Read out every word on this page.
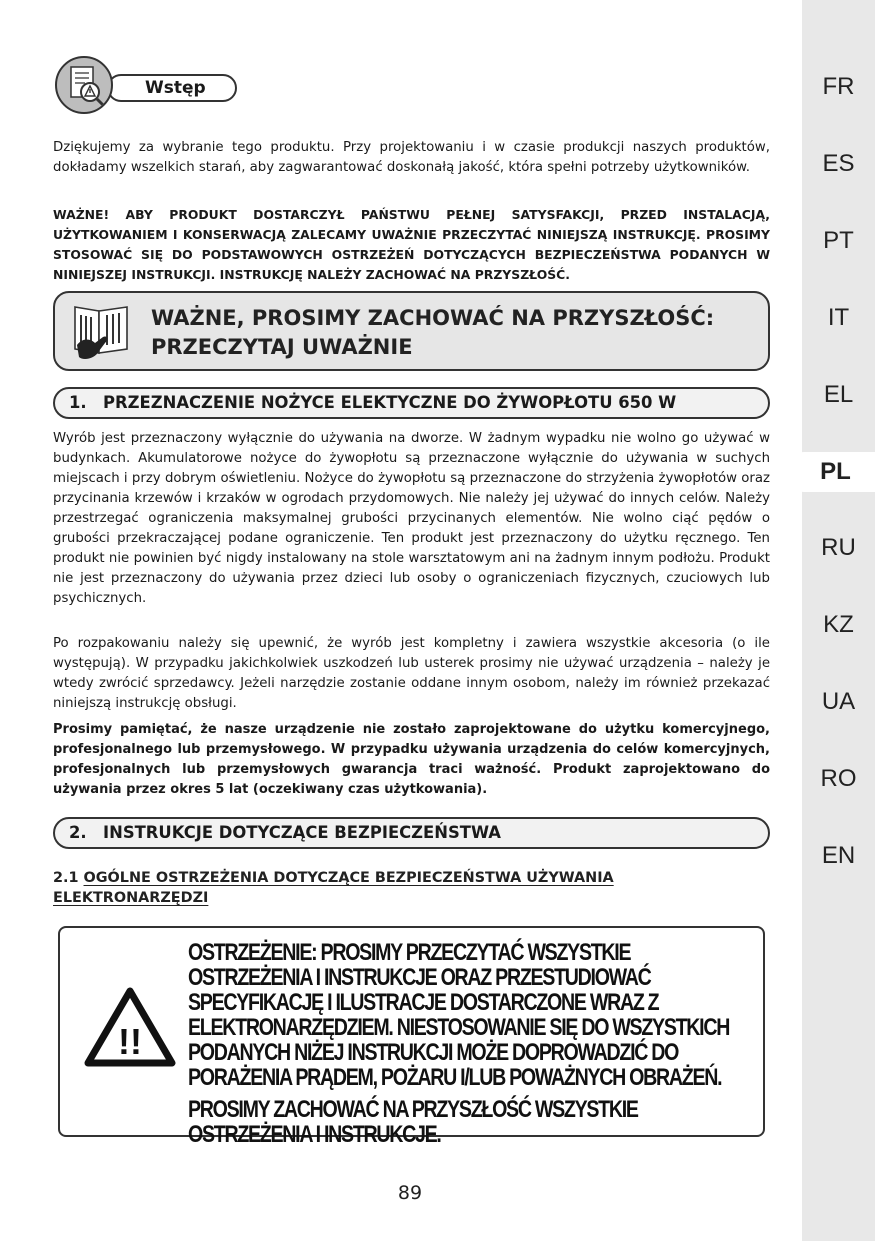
Wstęp

Dziękujemy za wybranie tego produktu. Przy projektowaniu i w czasie produkcji naszych produktów, dokładamy wszelkich starań, aby zagwarantować doskonałą jakość, która spełni potrzeby użytkowników.

WAŻNE! ABY PRODUKT DOSTARCZYŁ PAŃSTWU PEŁNEJ SATYSFAKCJI, PRZED INSTALACJĄ, UŻYTKOWANIEM I KONSERWACJĄ ZALECAMY UWAŻNIE PRZECZYTAĆ NINIEJSZĄ INSTRUKCJĘ. PROSIMY STOSOWAĆ SIĘ DO PODSTAWOWYCH OSTRZEŻEŃ DOTYCZĄCYCH BEZPIECZEŃSTWA PODANYCH W NINIEJSZEJ INSTRUKCJI. INSTRUKCJĘ NALEŻY ZACHOWAĆ NA PRZYSZŁOŚĆ.

WAŻNE, PROSIMY ZACHOWAĆ NA PRZYSZŁOŚĆ:
PRZECZYTAJ UWAŻNIE
1. PRZEZNACZENIE NOŻYCE ELEKTYCZNE DO ŻYWOPŁOTU 650 W

Wyrób jest przeznaczony wyłącznie do używania na dworze. W żadnym wypadku nie wolno go używać w budynkach. Akumulatorowe nożyce do żywopłotu są przeznaczone wyłącznie do używania w suchych miejscach i przy dobrym oświetleniu. Nożyce do żywopłotu są przeznaczone do strzyżenia żywopłotów oraz przycinania krzewów i krzaków w ogrodach przydomowych. Nie należy jej używać do innych celów. Należy przestrzegać ograniczenia maksymalnej grubości przycinanych elementów. Nie wolno ciąć pędów o grubości przekraczającej podane ograniczenie. Ten produkt jest przeznaczony do użytku ręcznego. Ten produkt nie powinien być nigdy instalowany na stole warsztatowym ani na żadnym innym podłożu. Produkt nie jest przeznaczony do używania przez dzieci lub osoby o ograniczeniach fizycznych, czuciowych lub psychicznych.

Po rozpakowaniu należy się upewnić, że wyrób jest kompletny i zawiera wszystkie akcesoria (o ile występują). W przypadku jakichkolwiek uszkodzeń lub usterek prosimy nie używać urządzenia – należy je wtedy zwrócić sprzedawcy. Jeżeli narzędzie zostanie oddane innym osobom, należy im również przekazać niniejszą instrukcję obsługi.

Prosimy pamiętać, że nasze urządzenie nie zostało zaprojektowane do użytku komercyjnego, profesjonalnego lub przemysłowego. W przypadku używania urządzenia do celów komercyjnych, profesjonalnych lub przemysłowych gwarancja traci ważność. Produkt zaprojektowano do używania przez okres 5 lat (oczekiwany czas użytkowania).

2. INSTRUKCJE DOTYCZĄCE BEZPIECZEŃSTWA
2.1 OGÓLNE OSTRZEŻENIA DOTYCZĄCE BEZPIECZEŃSTWA UŻYWANIA
ELEKTRONARZĘDZI
!!

OSTRZEŻENIE: PROSIMY PRZECZYTAĆ WSZYSTKIE OSTRZEŻENIA I INSTRUKCJE ORAZ PRZESTUDIOWAĆ SPECYFIKACJĘ I ILUSTRACJE DOSTARCZONE WRAZ Z ELEKTRONARZĘDZIEM. NIESTOSOWANIE SIĘ DO WSZYSTKICH PODANYCH NIŻEJ INSTRUKCJI MOŻE DOPROWADZIĆ DO PORAŻENIA PRĄDEM, POŻARU I/LUB POWAŻNYCH OBRAŻEŃ.

PROSIMY ZACHOWAĆ NA PRZYSZŁOŚĆ WSZYSTKIE OSTRZEŻENIA I INSTRUKCJE.

89
FR
ES
PT
IT
EL
PL
RU
KZ
UA
RO
EN
